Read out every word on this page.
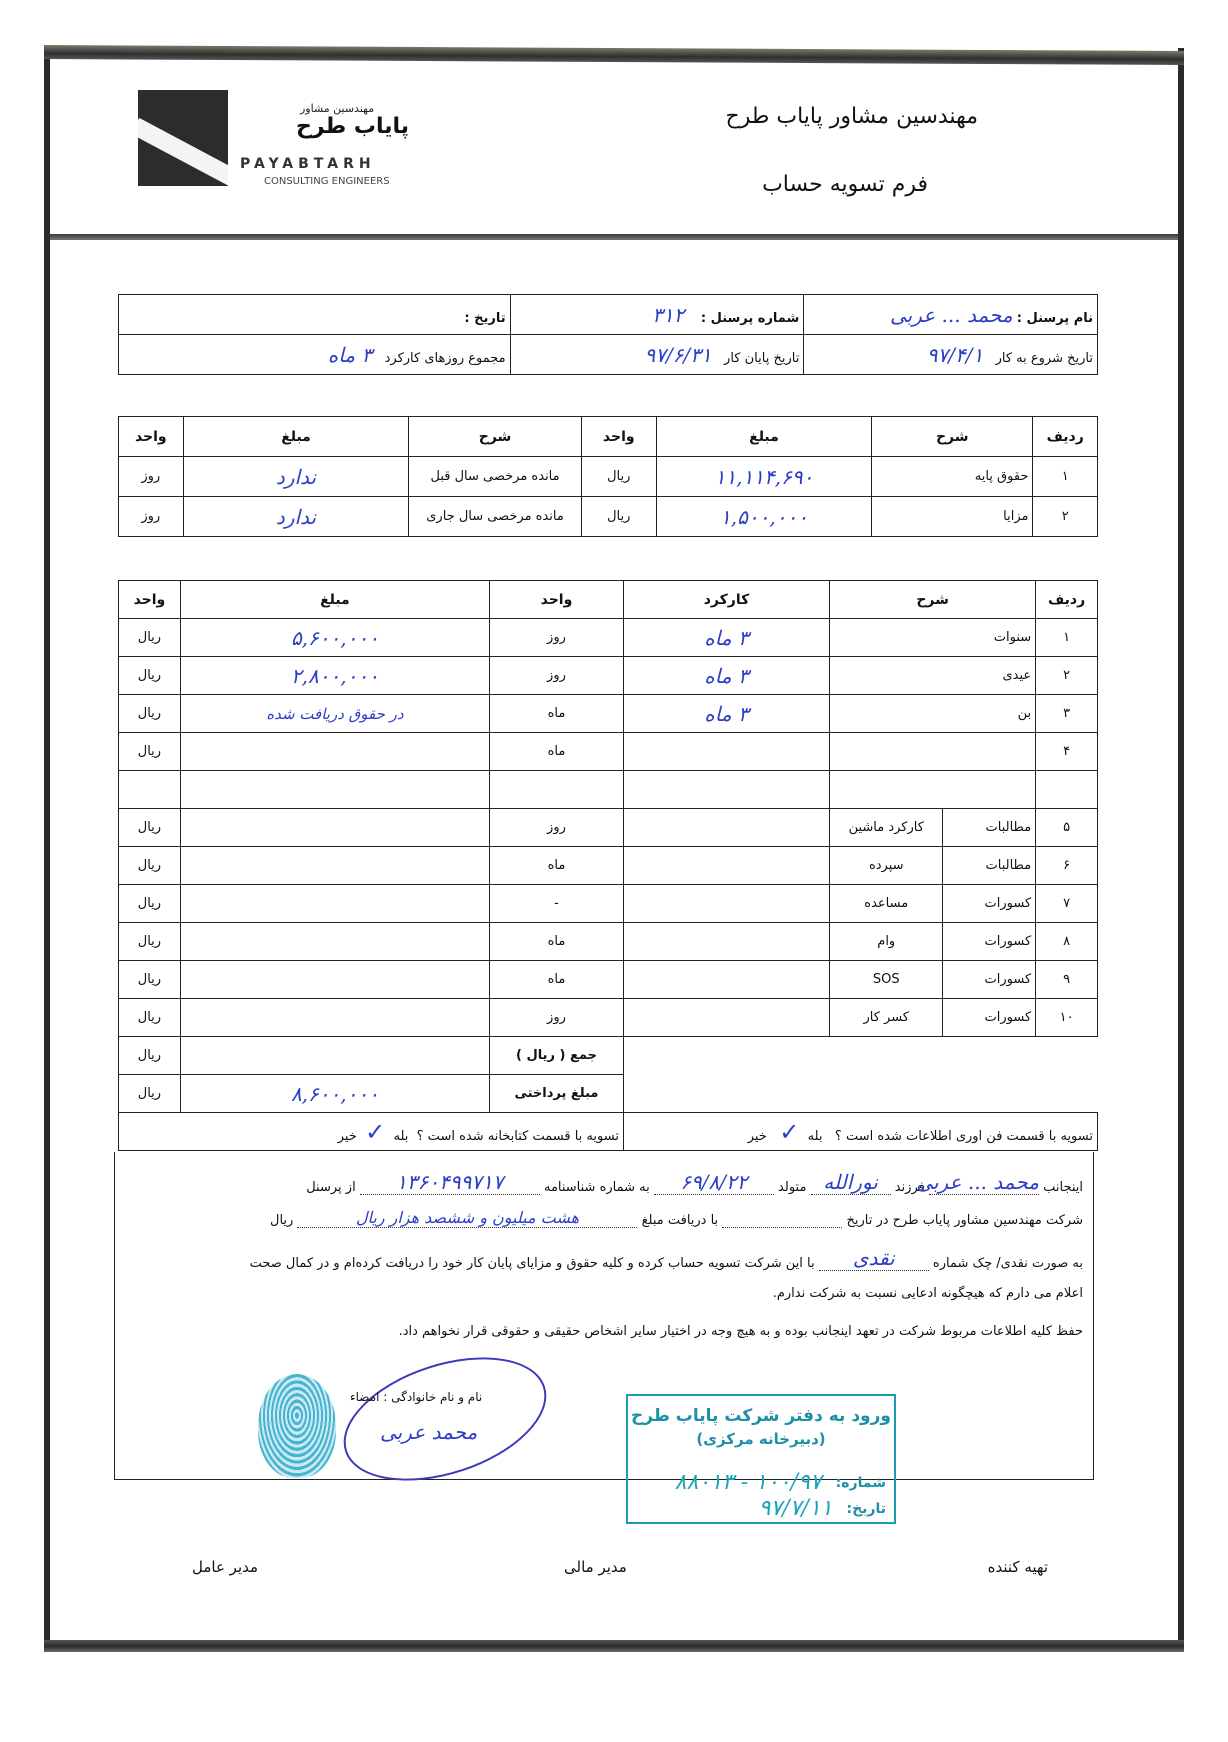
مهندسین مشاور
پایاب طرح
PAYABTARH
CONSULTING ENGINEERS
مهندسین مشاور پایاب طرح
فرم تسویه حساب
نام پرسنل : محمد ... عربی	شماره پرسنل :    ۳۱۲	تاریخ :
تاریخ شروع به کار   ۹۷/۴/۱	تاریخ پایان کار   ۹۷/۶/۳۱	مجموع روزهای کارکرد   ۳ ماه
ردیف	شرح	مبلغ	واحد	شرح	مبلغ	واحد
۱	حقوق پایه	۱۱,۱۱۴,۶۹۰	ریال	مانده مرخصی سال قبل	ندارد	روز
۲	مزایا	۱,۵۰۰,۰۰۰	ریال	مانده مرخصی سال جاری	ندارد	روز
ردیف	شرح		کارکرد	واحد	مبلغ	واحد
۱	سنوات		۳ ماه	روز	۵,۶۰۰,۰۰۰	ریال
۲	عیدی		۳ ماه	روز	۲,۸۰۰,۰۰۰	ریال
۳	بن		۳ ماه	ماه	در حقوق دریافت شده	ریال
۴				ماه		ریال

۵	مطالبات	کارکرد ماشین		روز		ریال
۶	مطالبات	سپرده		ماه		ریال
۷	کسورات	مساعده		-		ریال
۸	کسورات	وام		ماه		ریال
۹	کسورات	SOS		ماه		ریال
۱۰	کسورات	کسر کار		روز		ریال
				جمع ( ریال )		ریال
				مبلغ پرداختی	۸,۶۰۰,۰۰۰	ریال
تسویه با قسمت فن اوری اطلاعات شده است ؟   بله  ✓   خیر				تسویه با قسمت کتابخانه شده است ؟  بله  ✓  خیر		
اینجانب محمد ... عربی فرزند نورالله متولد ۶۹/۸/۲۲ به شماره شناسنامه ۱۳۶۰۴۹۹۷۱۷ از پرسنل
شرکت مهندسین مشاور پایاب طرح در تاریخ  با دریافت مبلغ هشت میلیون و ششصد هزار ریال ریال
به صورت نقدی/ چک شماره نقدی با این شرکت تسویه حساب کرده و کلیه حقوق و مزایای پایان کار خود را دریافت کرده‌ام و در کمال صحت
اعلام می دارم که هیچگونه ادعایی نسبت به شرکت ندارم.
حفظ کلیه اطلاعات مربوط شرکت در تعهد اینجانب بوده و به هیچ وجه در اختیار سایر اشخاص حقیقی و حقوقی قرار نخواهم داد.
نام و نام خانوادگی : امضاء
محمد عربی
ورود به دفتر شرکت پایاب طرح
(دبیرخانه مرکزی)
شماره:
۱۰۰/۹۷ - ۸۸۰۱۳
تاریخ:
۹۷/۷/۱۱
تهیه کننده
مدیر مالی
مدیر عامل
